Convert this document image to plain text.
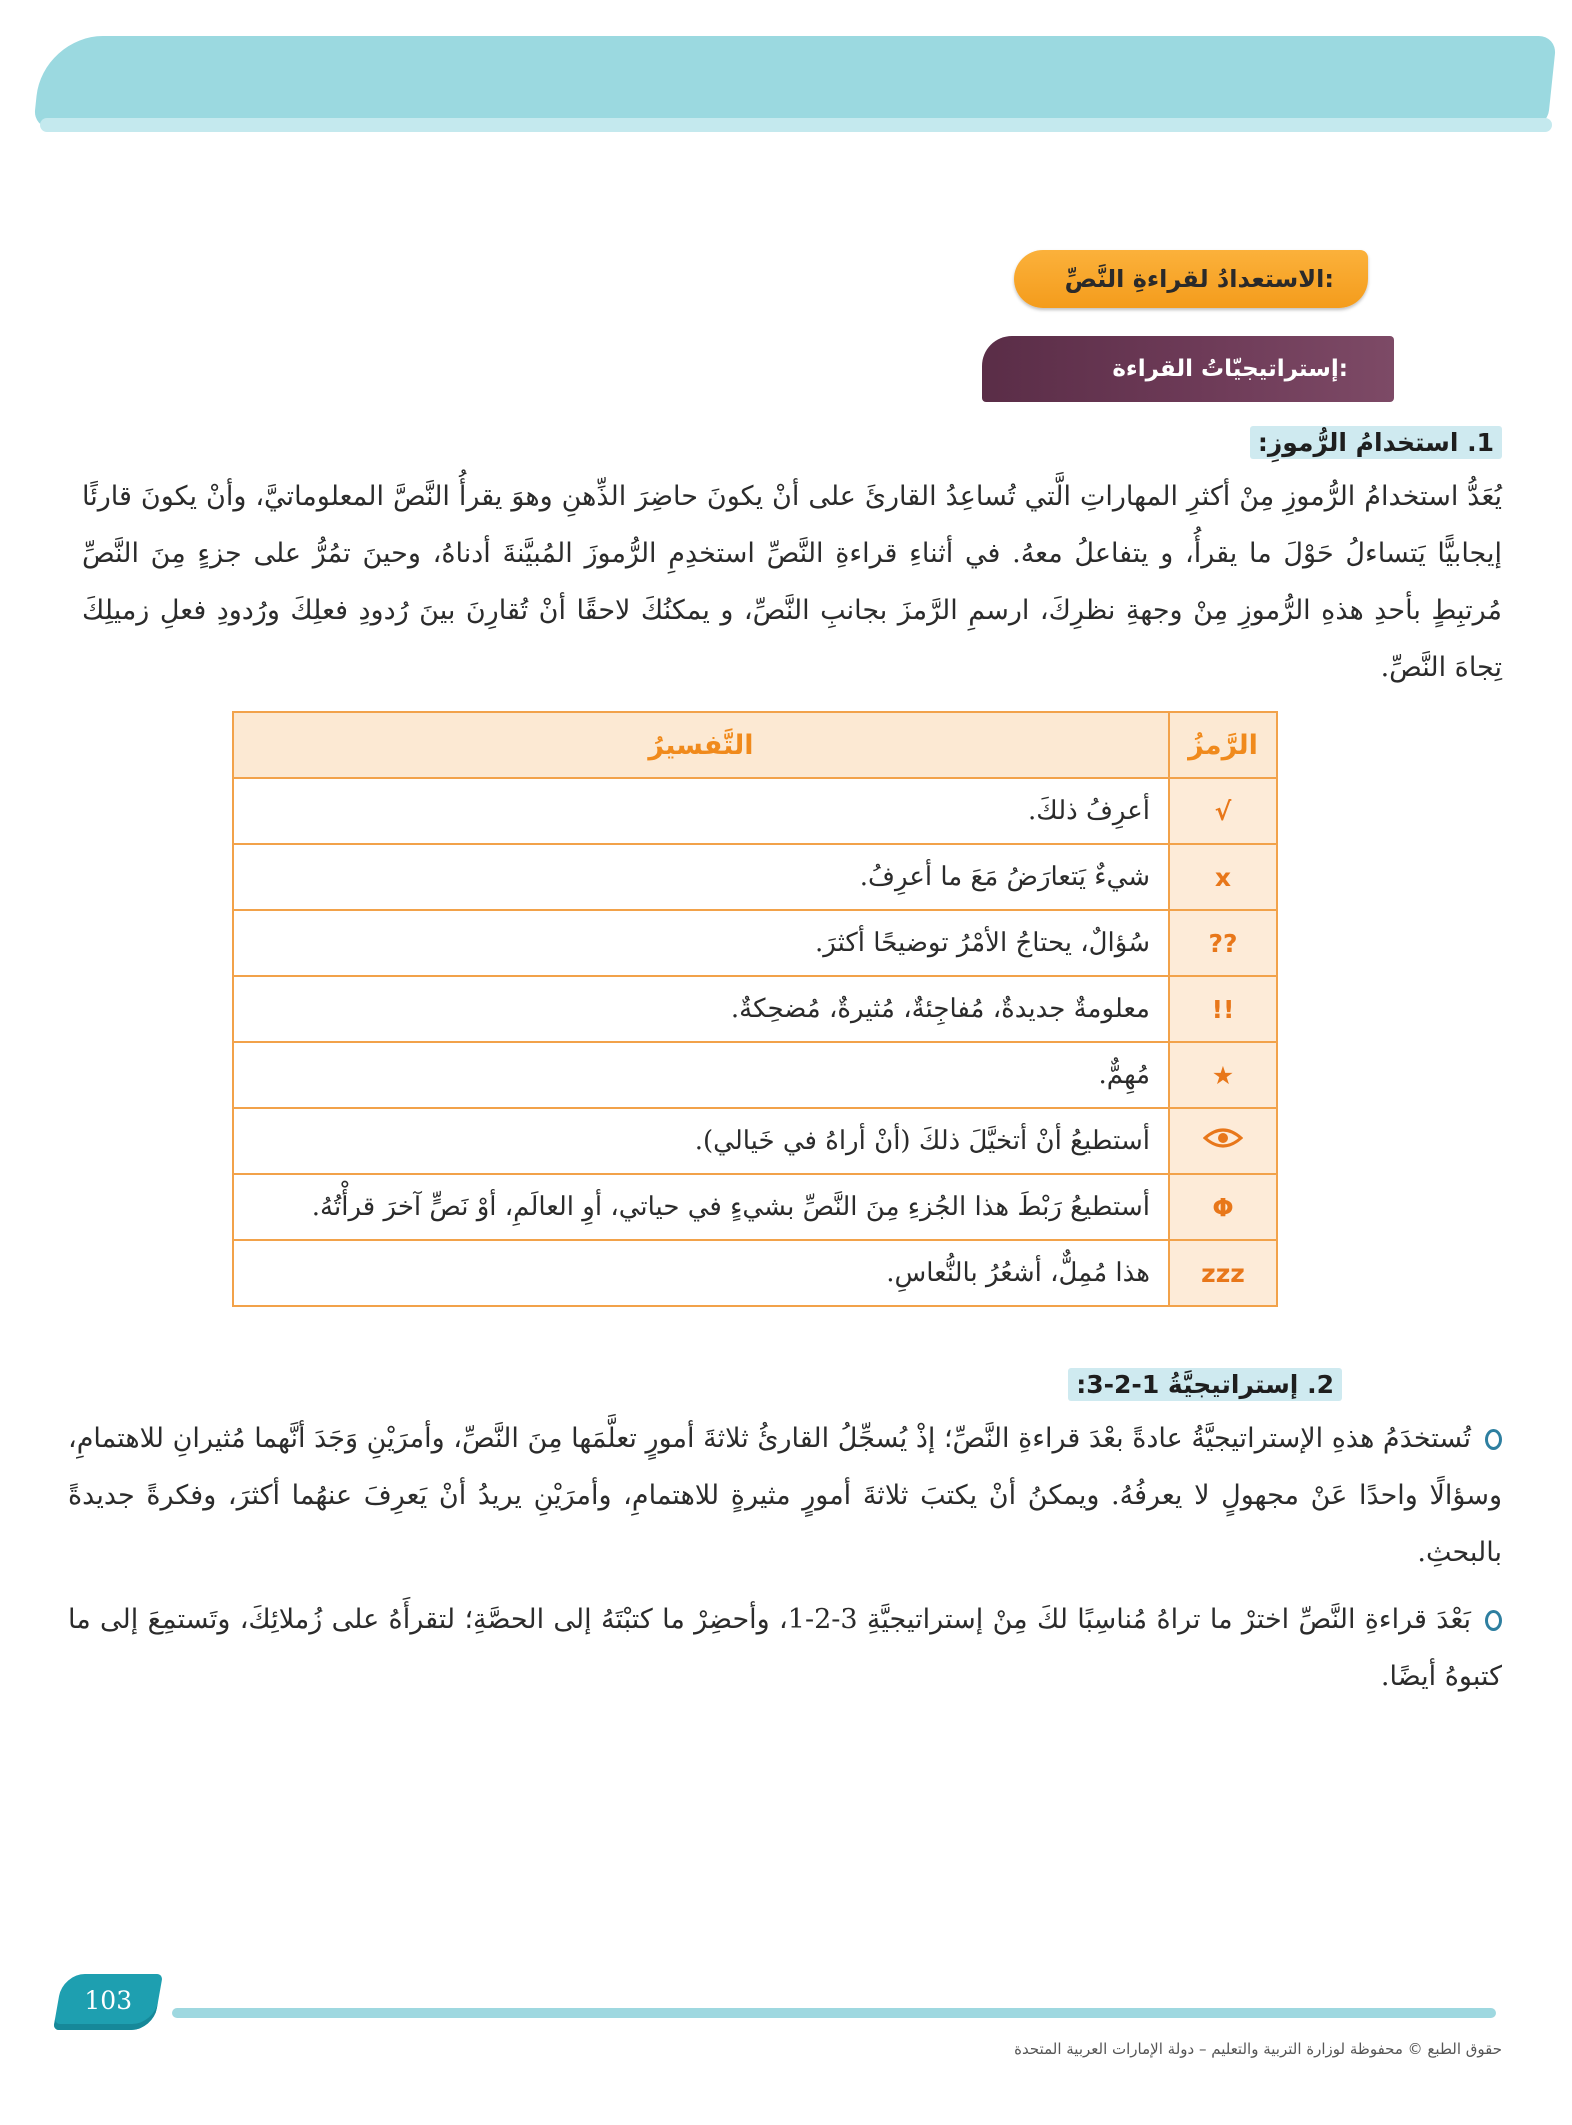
الاستعدادُ لقراءةِ النَّصِّ:
إستراتيجيّاتُ القراءة:
1. استخدامُ الرُّموزِ:
يُعَدُّ استخدامُ الرُّموزِ مِنْ أكثرِ المهاراتِ الَّتي تُساعِدُ القارئَ على أنْ يكونَ حاضِرَ الذِّهنِ وهوَ يقرأُ النَّصَّ المعلوماتيَّ، وأنْ يكونَ قارئًا إيجابيًّا يَتساءلُ حَوْلَ ما يقرأُ، و يتفاعلُ معهُ. في أثناءِ قراءةِ النَّصِّ استخدِمِ الرُّموزَ المُبيَّنةَ أدناهُ، وحينَ تمُرُّ على جزءٍ مِنَ النَّصِّ مُرتبِطٍ بأحدِ هذهِ الرُّموزِ مِنْ وجهةِ نظرِكَ، ارسمِ الرَّمزَ بجانبِ النَّصِّ، و يمكنُكَ لاحقًا أنْ تُقارِنَ بينَ رُدودِ فعلِكَ ورُدودِ فعلِ زميلِكَ تِجاهَ النَّصِّ.
الرَّمزُ	التَّفسيرُ
√	أعرِفُ ذلكَ.
x	شيءٌ يَتعارَضُ مَعَ ما أعرِفُ.
??	سُؤالٌ، يحتاجُ الأمْرُ توضيحًا أكثرَ.
!!	معلومةٌ جديدةٌ، مُفاجِئةٌ، مُثيرةٌ، مُضحِكةٌ.
★	مُهِمٌّ.
	أستطيعُ أنْ أتخيَّلَ ذلكَ (أنْ أراهُ في خَيالي).
Φ	أستطيعُ رَبْطَ هذا الجُزءِ مِنَ النَّصِّ بشيءٍ في حياتي، أوِ العالَمِ، أوْ نَصٍّ آخرَ قرأْتُهُ.
zzz	هذا مُمِلٌّ، أشعُرُ بالنُّعاسِ.
2. إستراتيجيَّةُ 1-2-3:
تُستخدَمُ هذهِ الإستراتيجيَّةُ عادةً بعْدَ قراءةِ النَّصِّ؛ إذْ يُسجِّلُ القارئُ ثلاثةَ أمورٍ تعلَّمَها مِنَ النَّصِّ، وأمرَيْنِ وَجَدَ أنَّهما مُثيرانِ للاهتمامِ، وسؤالًا واحدًا عَنْ مجهولٍ لا يعرفُهُ. ويمكنُ أنْ يكتبَ ثلاثةَ أمورٍ مثيرةٍ للاهتمامِ، وأمرَيْنِ يريدُ أنْ يَعرِفَ عنهُما أكثرَ، وفكرةً جديدةً بالبحثِ.
بَعْدَ قراءةِ النَّصِّ اخترْ ما تراهُ مُناسِبًا لكَ مِنْ إستراتيجيَّةِ 3-2-1، وأحضِرْ ما كتبْتَهُ إلى الحصَّةِ؛ لتقرأَهُ على زُملائِكَ، وتَستمِعَ إلى ما كتبوهُ أيضًا.
103
حقوق الطبع © محفوظة لوزارة التربية والتعليم – دولة الإمارات العربية المتحدة
